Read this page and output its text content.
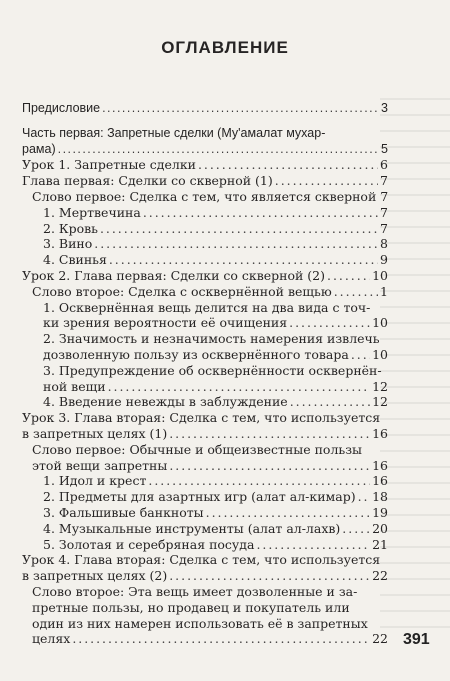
ОГЛАВЛЕНИЕ
Предисловие . . .	3
Часть первая: Запретные сделки (Му'амалат мухар-
рама) . . .	5
Урок 1. Запретные сделки . . .	6
Глава первая: Сделки со скверной (1) . . .	7
Слово первое: Сделка с тем, что является скверной 7
1. Мертвечина . . .	7
2. Кровь . . .	7
3. Вино . . .	8
4. Свинья . . .	9
Урок 2. Глава первая: Сделки со скверной (2) . . .	10
Слово второе: Сделка с осквернённой вещью . . .	1
1. Осквернённая вещь делится на два вида с точ-
ки зрения вероятности её очищения . . .	10
2. Значимость и незначимость намерения извлечь
дозволенную пользу из осквернённого товара . . . 10
3. Предупреждение об осквернённости осквернён-
ной вещи . . .	12
4. Введение невежды в заблуждение . . .	12
Урок 3. Глава вторая: Сделка с тем, что используется
в запретных целях (1) . . .	16
Слово первое: Обычные и общеизвестные пользы
этой вещи запретны . . .	16
1. Идол и крест . . .	16
2. Предметы для азартных игр (алат ал-кимар) . . . 18
3. Фальшивые банкноты . . .	19
4. Музыкальные инструменты (алат ал-лахв) . . .	20
5. Золотая и серебряная посуда . . .	21
Урок 4. Глава вторая: Сделка с тем, что используется
в запретных целях (2) . . .	22
Слово второе: Эта вещь имеет дозволенные и за-
претные пользы, но продавец и покупатель или
один из них намерен использовать её в запретных
целях . . .	22 391
